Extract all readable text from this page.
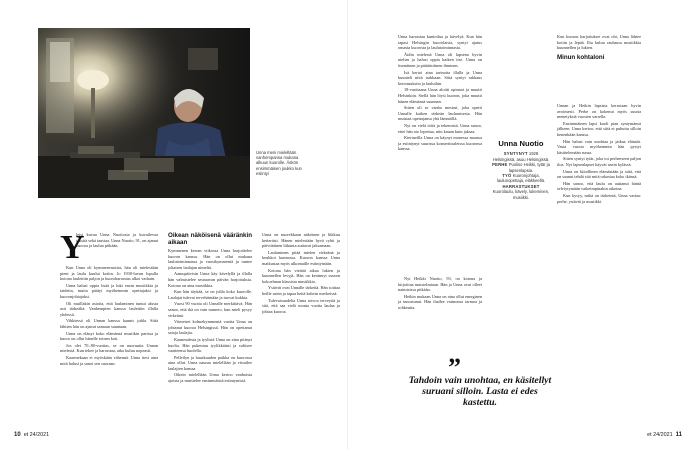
Unna meni mielellään vanhempansa mukana alkuun kuorolle. Äskön ensimmäisen joukko kun esiintyi
Y

leisi kuvaa Unna Nuotiosta ja kuvailevaa tekstiä sekä taustaa. Unna Nuotio, 91, on ajanut kuoroa ja laulua pitkään,

Kun Unna oli kymmenvuotias, hän oli mielestään pieni ja laulu kuului kotiin. Jo 1930-luvun lopulla kotona laulettiin paljon ja kuoroharrastus alkoi varhain.

Unna halusi oppia lisää ja luki ensin musiikkia ja taidetta, mutta päätyi myöhemmin opettajaksi ja kuoronjohtajaksi.

Oli muillakin asioita, että laulaminen tuntui alusta asti tärkeältä. Vanhempien kanssa laulettiin illalla yhdessä.

Vihkiessä oli Unnan kanssa kaunis juhla. Siitä lähtien hän on ajanut samaan suuntaan.

Unna on elänyt koko elämänsä musiikin parissa ja kuoro on ollut hänelle toinen koti.

Jos olet 70–80-vuotias, se on nuoruutta Unnan mielestä. Kun tekee ja harrastaa, aika kuluu nopeasti.

Kaarmekaan ei myöskään vähennä. Unna tiesi aina mitä halusi ja sanoi sen suoraan.

Oikean näköisenä vääränkin aikaan

Kymmenen kerran viikossa Unna harjoittelee kuoron kanssa. Hän on ollut mukana laulutoiminnassa jo vuosikymmeniä ja tuntee jokaisen laulajan nimeltä.

Aamupäivisin Unna käy kävelyllä ja illalla hän valmistelee seuraavan päivän harjoituksia. Kotona on aina musiikkia.

Kun hän täyttää, se on juhla koko kuorolle. Laulajat tulevat tervehtimään ja tuovat kukkia.

Vuosi 90 vuotta oli Unnalle merkittävä. Hän sanoo, että ikä on vain numero, kun mieli pysyy virkeänä.

Viimeiset kolmekymmentä vuotta Unna on johtanut kuoroa Helsingissä. Hän on opettanut satoja laulajia.

Kauneudesta ja tyylistä Unna on aina pitänyt huolta. Hän pukeutuu tyylikkäästi ja valitsee vaatteensa huolella.

Pelleilyn ja hauskuuden paikka on kuorossa aina ollut. Unna nauraa mielellään ja vitsailee laulajien kanssa.

Oikein mielellään Unna kertoo vanhoista ajoista ja muistelee ensimmäisiä esiintymisiä.

Unna on nuorekkaan näköinen ja liikkuu ketterästi. Hänen mielestään hyvä ryhti ja päivittäinen liikunta auttavat jaksamaan.

Laulaminen pitää mielen virkeänä ja keuhkot kunnossa. Kuoron kanssa Unna matkustaa myös ulkomaille esiintymään.

Kotona hän viettää aikaa lukien ja kuunnellen levyjä. Hän on kerännyt suuren kokoelman klassista musiikkia.

Ystävät ovat Unnalle tärkeitä. Hän soittaa heille usein ja tapaa heitä kahvin merkeissä.

Tulevaisuudelta Unna toivoo terveyttä ja sitä, että saa vielä monta vuotta laulaa ja johtaa kuoroa.

10 et 24/2021

Unna harrastaa kuntoilua ja kävelyä. Kun hän tapasi Helsingin kuorolaisia, syntyi ajatus omasta kuorosta ja laulutoiminnasta.

Äidin mielestä Unna oli lapsena hyvin utelias ja halusi oppia kaiken itse. Unna on itsenäinen ja päättäväinen ihminen.

Isä kertoi aina tarinoita illalla ja Unna kuunteli niitä tarkkaan. Siitä syntyi rakkaus kertomuksiin ja lauluihin.

18-vuotiaana Unna aloitti opinnot ja muutti Helsinkiin. Siellä hän löysi kuoron, joka muutti hänen elämänsä suunnan.

Sitten oli se vanha mestari, joka opetti Unnalle kaiken tärkeän laulamisesta. Hän muistaa opettajansa yhä lämmöllä.

Nyt on vielä töitä ja tekemistä. Unna sanoo, ettei hän aio lopettaa, niin kauan kuin jaksaa.

Kiertueilla Unna on käynyt monessa maassa ja esiintynyt suurissa konserttisaleissa kuoronsa kanssa.

Nyt Heikki Nuotio, 93, on kotona ja kirjoittaa muistelmiaan. Hän ja Unna ovat olleet naimisissa pitkään.

Heikin mukaan Unna on aina ollut energinen ja innostunut. Hän ihailee vaimonsa tarmoa ja rohkeutta.

Unna Nuotio

SYNTYNYT 1928 Helsingissä, asuu Helsingissä.

PERHE Puoliso Heikki, tytär ja lapsenlapsia.

TYÖ Kuoronjohtaja, laulunopettaja, eläkkeellä.

HARRASTUKSET Kuorolaulu, kävely, lukeminen, musiikki.

”
Tahdoin vain unohtaa, en käsitellyt suruani silloin. Lasta ei edes kastettu.

Kun kuoron harjoitukset ovat ohi, Unna lähtee kotiin ja lepää. Ilta kuluu rauhassa musiikkia kuunnellen ja lukien.

Minun kohtaloni

Unnan ja Heikin lapsista kerrotaan hyvin avoimesti. Perhe on kokenut myös suuria menetyksiä vuosien varrella.

Ensimmäinen lapsi kuoli pian syntymänsä jälkeen. Unna kertoo, että siitä ei puhuttu silloin kenenkään kanssa.

Hän halusi vain unohtaa ja jatkaa elämää. Vasta vuosia myöhemmin hän pystyi käsittelemään surua.

Sitten syntyi tytär, joka toi perheeseen paljon iloa. Nyt lapsenlapset käyvät usein kylässä.

Unna on kiitollinen elämästään ja siitä, että on saanut tehdä sitä mitä rakastaa koko ikänsä.

Hän sanoo, että laulu on auttanut häntä selviytymään vaikeimpinakin aikoina.

Kun kysyy, mikä on tärkeintä, Unna vastaa: perhe, ystävät ja musiikki.

et 24/2021 11
